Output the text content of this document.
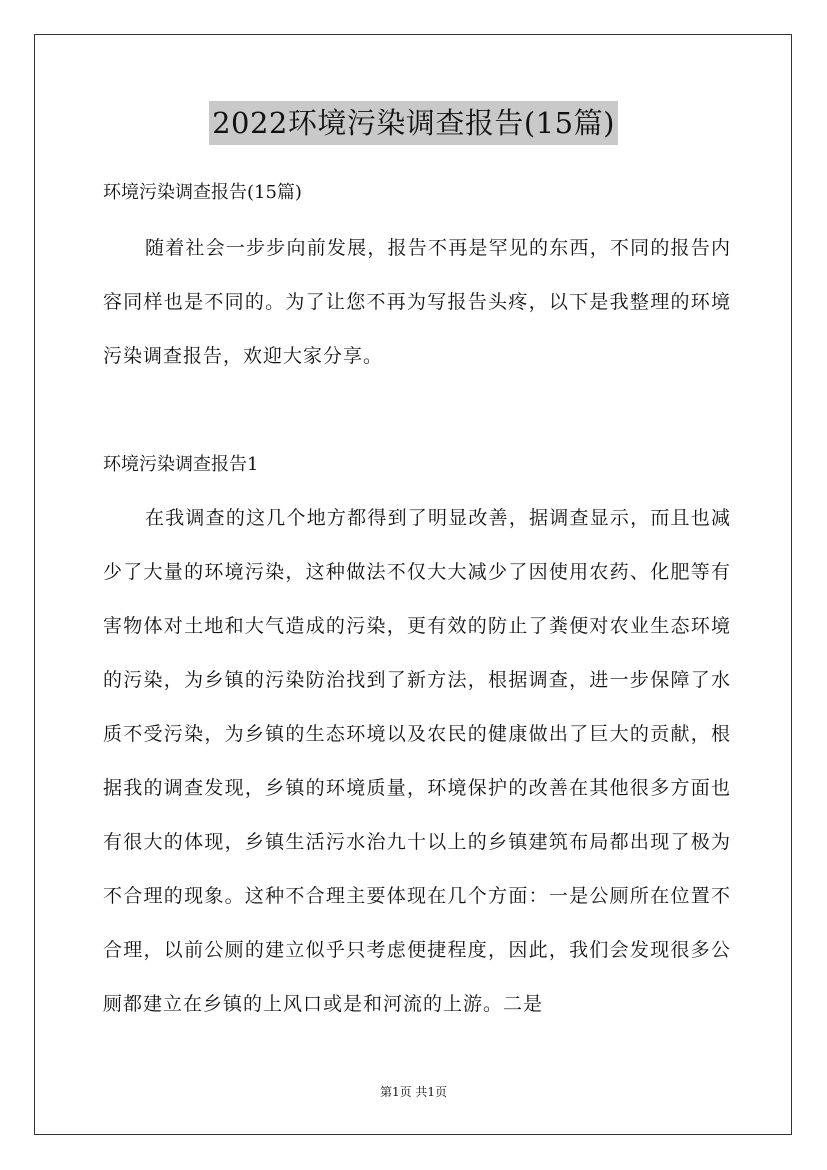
2022环境污染调查报告(15篇)

环境污染调查报告(15篇)

随着社会一步步向前发展，报告不再是罕见的东西，不同的报告内容同样也是不同的。为了让您不再为写报告头疼，以下是我整理的环境污染调查报告，欢迎大家分享。

环境污染调查报告1

在我调查的这几个地方都得到了明显改善，据调查显示，而且也减少了大量的环境污染，这种做法不仅大大减少了因使用农药、化肥等有害物体对土地和大气造成的污染，更有效的防止了粪便对农业生态环境的污染，为乡镇的污染防治找到了新方法，根据调查，进一步保障了水质不受污染，为乡镇的生态环境以及农民的健康做出了巨大的贡献，根据我的调查发现，乡镇的环境质量，环境保护的改善在其他很多方面也有很大的体现，乡镇生活污水治九十以上的乡镇建筑布局都出现了极为不合理的现象。这种不合理主要体现在几个方面：一是公厕所在位置不合理，以前公厕的建立似乎只考虑便捷程度，因此，我们会发现很多公厕都建立在乡镇的上风口或是和河流的上游。二是

第1页 共1页
